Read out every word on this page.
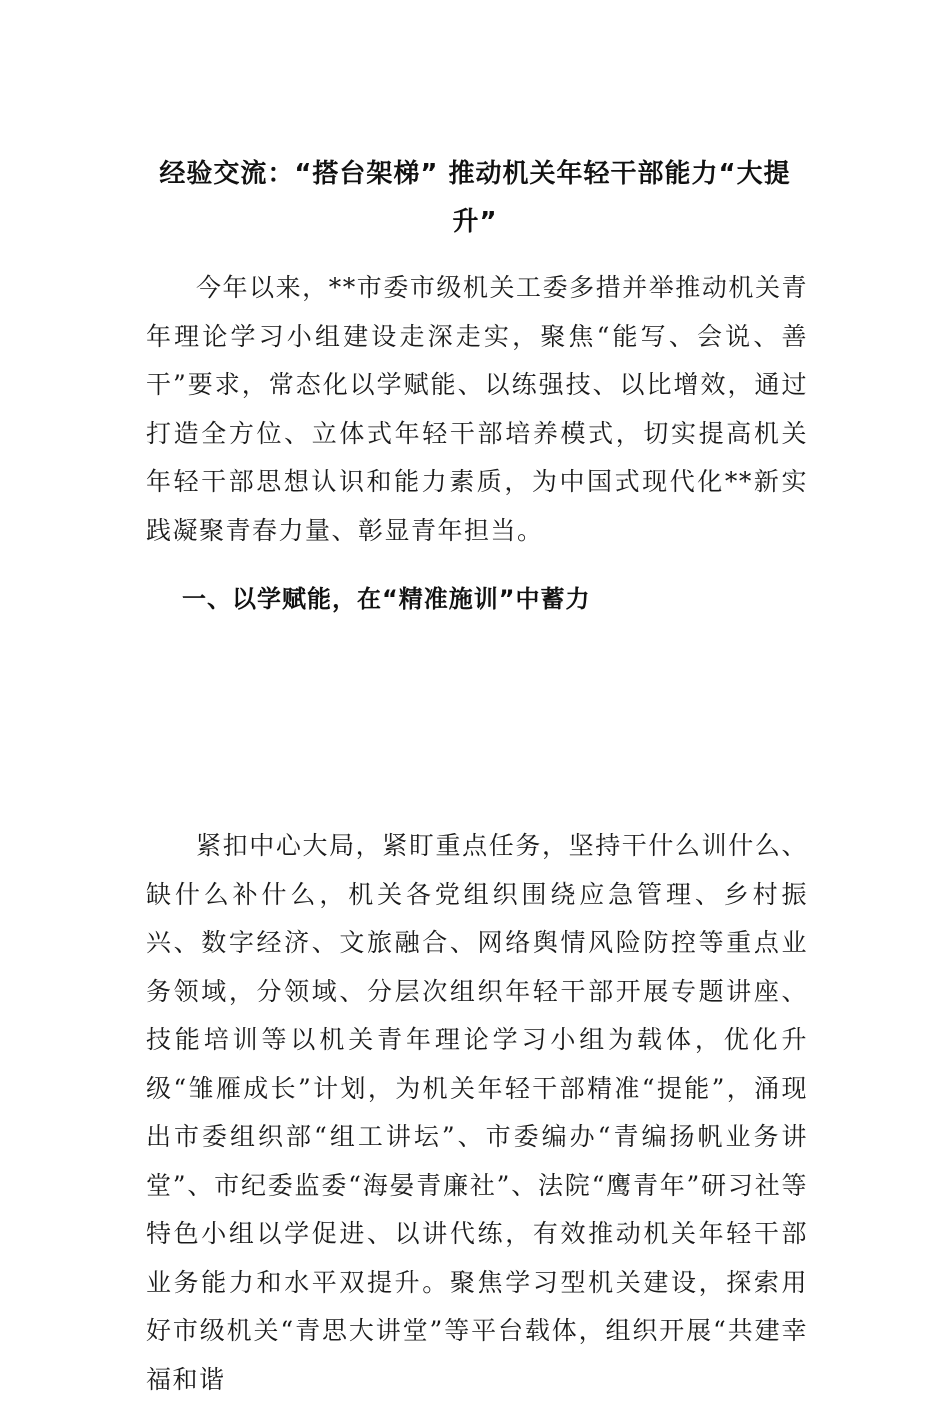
经验交流：“搭台架梯” 推动机关年轻干部能力“大提升”
今年以来，**市委市级机关工委多措并举推动机关青年理论学习小组建设走深走实，聚焦“能写、会说、善干”要求，常态化以学赋能、以练强技、以比增效，通过打造全方位、立体式年轻干部培养模式，切实提高机关年轻干部思想认识和能力素质，为中国式现代化**新实践凝聚青春力量、彰显青年担当。
一、以学赋能，在“精准施训”中蓄力
紧扣中心大局，紧盯重点任务，坚持干什么训什么、缺什么补什么，机关各党组织围绕应急管理、乡村振兴、数字经济、文旅融合、网络舆情风险防控等重点业务领域，分领域、分层次组织年轻干部开展专题讲座、技能培训等以机关青年理论学习小组为载体，优化升级“雏雁成长”计划，为机关年轻干部精准“提能”，涌现出市委组织部“组工讲坛”、市委编办“青编扬帆业务讲堂”、市纪委监委“海晏青廉社”、法院“鹰青年”研习社等特色小组以学促进、以讲代练，有效推动机关年轻干部业务能力和水平双提升。聚焦学习型机关建设，探索用好市级机关“青思大讲堂”等平台载体，组织开展“共建幸福和谐
